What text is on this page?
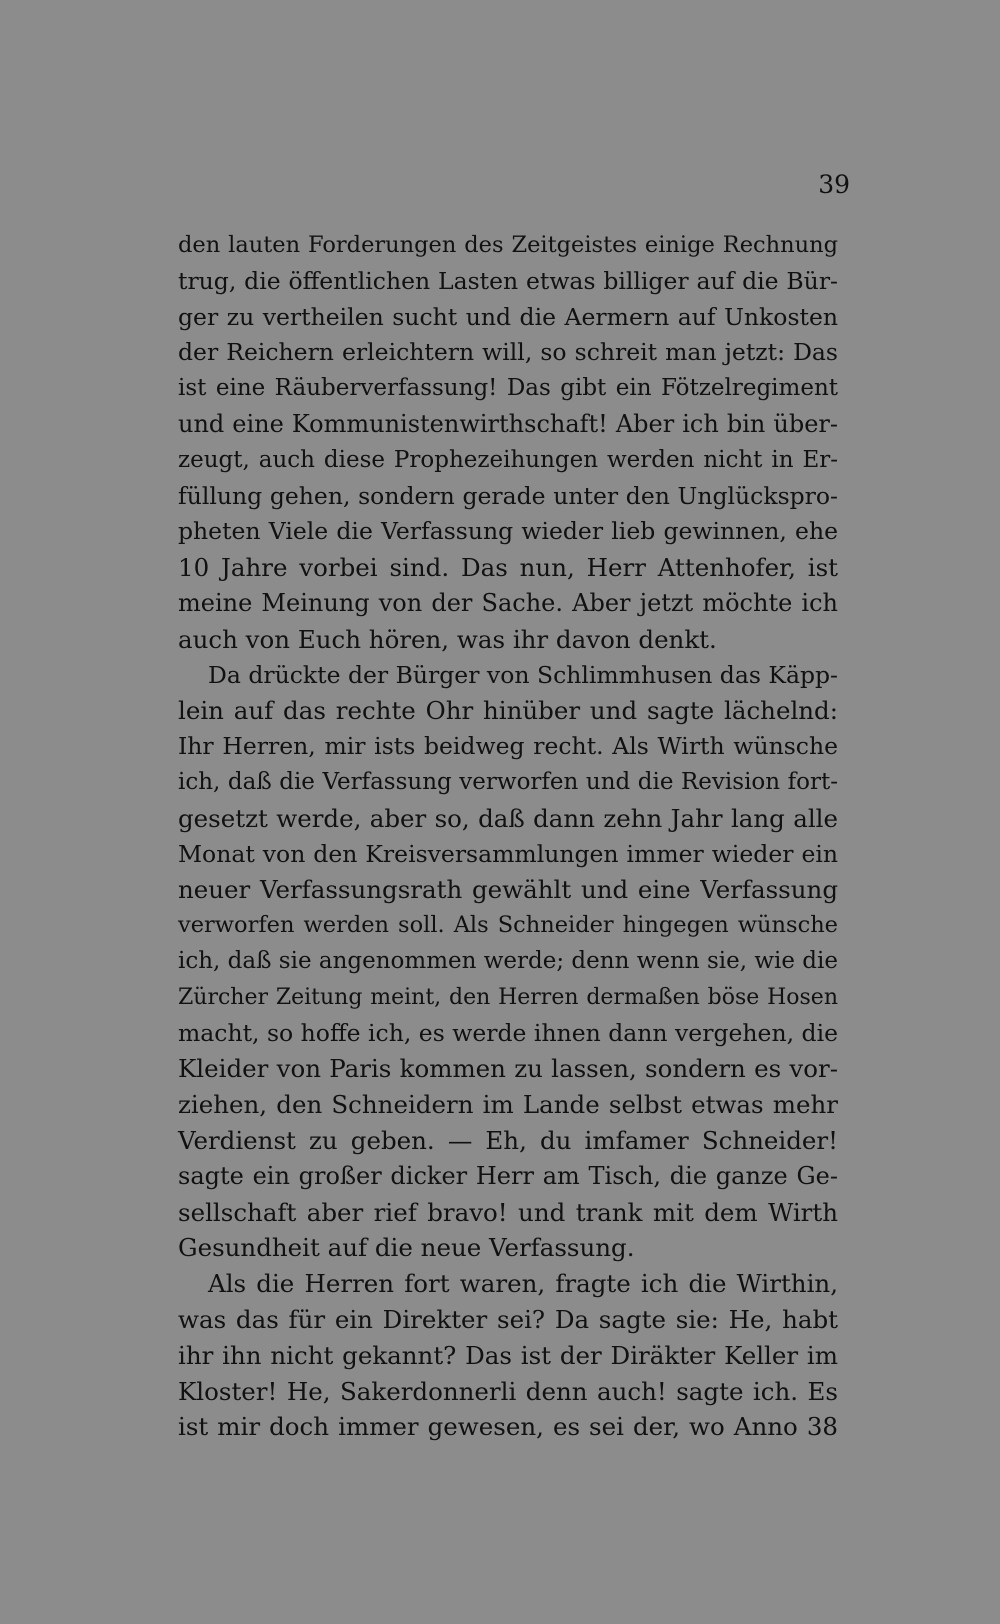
39
den lauten Forderungen des Zeitgeistes einige Rechnung
trug, die öffentlichen Lasten etwas billiger auf die Bür-
ger zu vertheilen sucht und die Aermern auf Unkosten
der Reichern erleichtern will, so schreit man jetzt: Das
ist eine Räuberverfassung! Das gibt ein Fötzelregiment
und eine Kommunistenwirthschaft! Aber ich bin über-
zeugt, auch diese Prophezeihungen werden nicht in Er-
füllung gehen, sondern gerade unter den Unglückspro-
pheten Viele die Verfassung wieder lieb gewinnen, ehe
10 Jahre vorbei sind. Das nun, Herr Attenhofer, ist
meine Meinung von der Sache. Aber jetzt möchte ich
auch von Euch hören, was ihr davon denkt.
Da drückte der Bürger von Schlimmhusen das Käpp-
lein auf das rechte Ohr hinüber und sagte lächelnd:
Ihr Herren, mir ists beidweg recht. Als Wirth wünsche
ich, daß die Verfassung verworfen und die Revision fort-
gesetzt werde, aber so, daß dann zehn Jahr lang alle
Monat von den Kreisversammlungen immer wieder ein
neuer Verfassungsrath gewählt und eine Verfassung
verworfen werden soll. Als Schneider hingegen wünsche
ich, daß sie angenommen werde; denn wenn sie, wie die
Zürcher Zeitung meint, den Herren dermaßen böse Hosen
macht, so hoffe ich, es werde ihnen dann vergehen, die
Kleider von Paris kommen zu lassen, sondern es vor-
ziehen, den Schneidern im Lande selbst etwas mehr
Verdienst zu geben. — Eh, du imfamer Schneider!
sagte ein großer dicker Herr am Tisch, die ganze Ge-
sellschaft aber rief bravo! und trank mit dem Wirth
Gesundheit auf die neue Verfassung.
Als die Herren fort waren, fragte ich die Wirthin,
was das für ein Direkter sei? Da sagte sie: He, habt
ihr ihn nicht gekannt? Das ist der Diräkter Keller im
Kloster! He, Sakerdonnerli denn auch! sagte ich. Es
ist mir doch immer gewesen, es sei der, wo Anno 38
